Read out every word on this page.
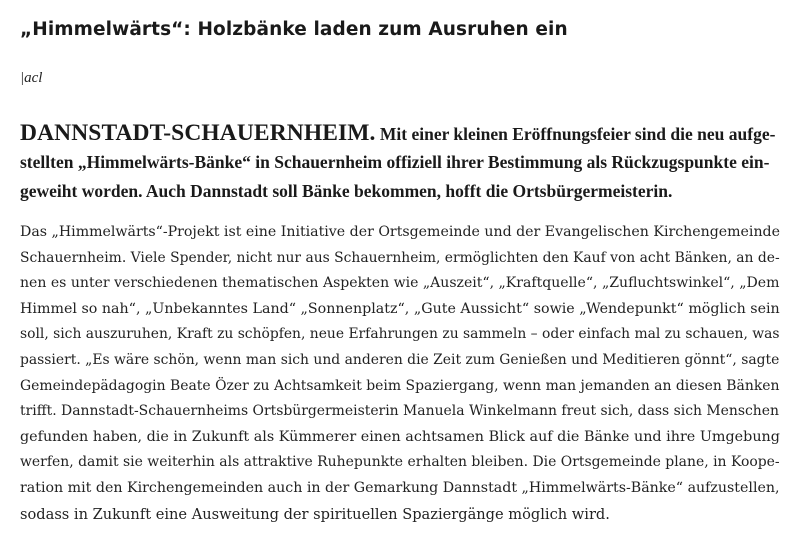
„Himmelwärts“: Holzbänke laden zum Ausruhen ein

|acl

DANNSTADT-SCHAUERNHEIM. Mit einer kleinen Eröffnungsfeier sind die neu aufge-
stellten „Himmelwärts-Bänke“ in Schauernheim offiziell ihrer Bestimmung als Rückzugspunkte ein-
geweiht worden. Auch Dannstadt soll Bänke bekommen, hofft die Ortsbürgermeisterin.
Das „Himmelwärts“-Projekt ist eine Initiative der Ortsgemeinde und der Evangelischen Kirchengemeinde
Schauernheim. Viele Spender, nicht nur aus Schauernheim, ermöglichten den Kauf von acht Bänken, an de-
nen es unter verschiedenen thematischen Aspekten wie „Auszeit“, „Kraftquelle“, „Zufluchtswinkel“, „Dem
Himmel so nah“, „Unbekanntes Land“ „Sonnenplatz“, „Gute Aussicht“ sowie „Wendepunkt“ möglich sein
soll, sich auszuruhen, Kraft zu schöpfen, neue Erfahrungen zu sammeln – oder einfach mal zu schauen, was
passiert. „Es wäre schön, wenn man sich und anderen die Zeit zum Genießen und Meditieren gönnt“, sagte
Gemeindepädagogin Beate Özer zu Achtsamkeit beim Spaziergang, wenn man jemanden an diesen Bänken
trifft. Dannstadt-Schauernheims Ortsbürgermeisterin Manuela Winkelmann freut sich, dass sich Menschen
gefunden haben, die in Zukunft als Kümmerer einen achtsamen Blick auf die Bänke und ihre Umgebung
werfen, damit sie weiterhin als attraktive Ruhepunkte erhalten bleiben. Die Ortsgemeinde plane, in Koope-
ration mit den Kirchengemeinden auch in der Gemarkung Dannstadt „Himmelwärts-Bänke“ aufzustellen,
sodass in Zukunft eine Ausweitung der spirituellen Spaziergänge möglich wird.
